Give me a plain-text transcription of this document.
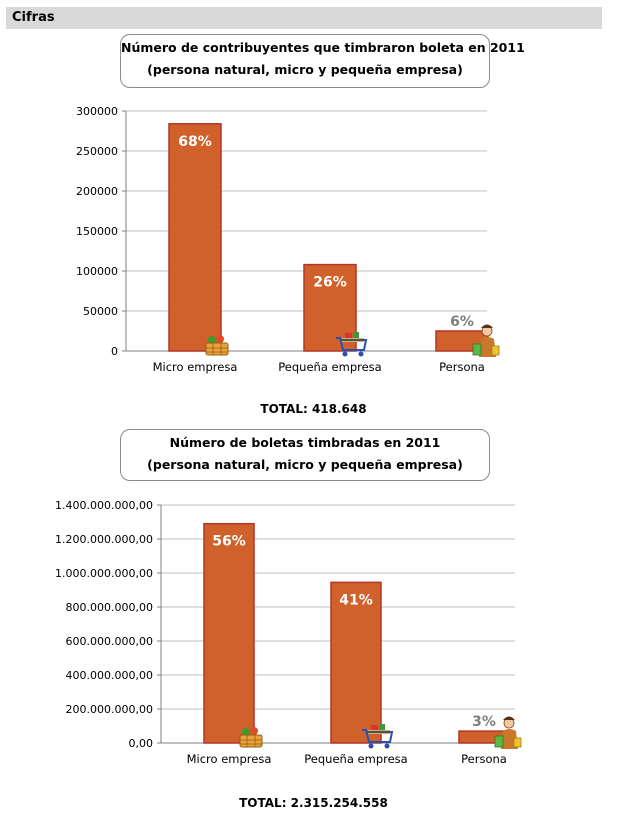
Cifras
Número de contribuyentes que timbraron boleta en 2011
(persona natural, micro y pequeña empresa)
0
50000
100000
150000
200000
250000
300000
68%
Micro empresa
26%
Pequeña empresa
6%
Persona
TOTAL: 418.648
Número de boletas timbradas en 2011
(persona natural, micro y pequeña empresa)
0,00
200.000.000,00
400.000.000,00
600.000.000,00
800.000.000,00
1.000.000.000,00
1.200.000.000,00
1.400.000.000,00
56%
Micro empresa
41%
Pequeña empresa
3%
Persona
TOTAL: 2.315.254.558
